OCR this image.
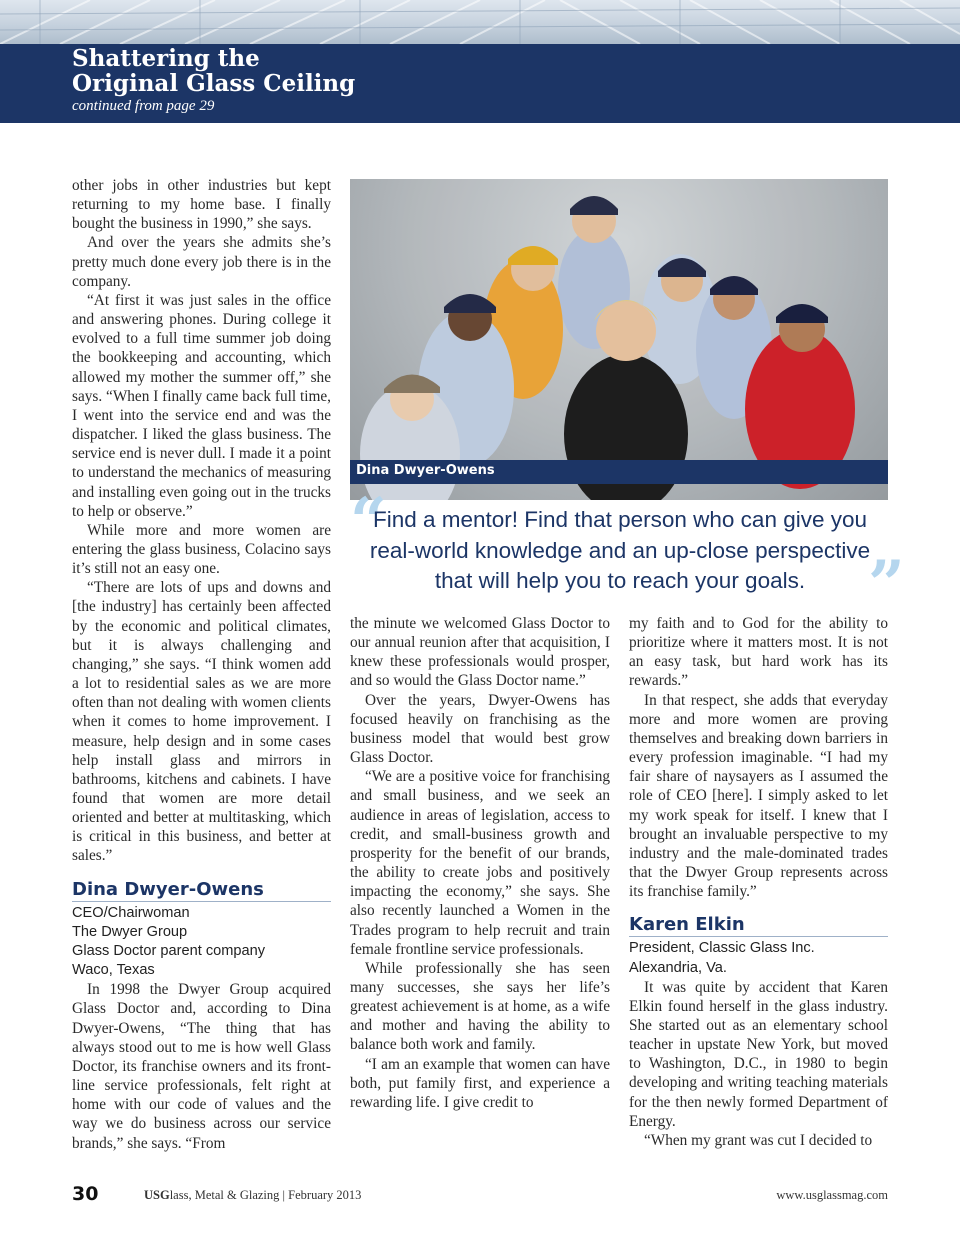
Shattering the
Original Glass Ceiling
continued from page 29

other jobs in other industries but kept returning to my home base. I finally bought the business in 1990,” she says.

And over the years she admits she’s pretty much done every job there is in the company.

“At first it was just sales in the office and answering phones. During college it evolved to a full time summer job doing the bookkeeping and accounting, which allowed my mother the summer off,” she says. “When I finally came back full time, I went into the service end and was the dispatcher. I liked the glass business. The service end is never dull. I made it a point to understand the mechanics of measuring and installing even going out in the trucks to help or observe.”

While more and more women are entering the glass business, Colacino says it’s still not an easy one.

“There are lots of ups and downs and [the industry] has certainly been affected by the economic and political climates, but it is always challenging and changing,” she says. “I think women add a lot to residential sales as we are more often than not dealing with women clients when it comes to home improvement. I measure, help design and in some cases help install glass and mirrors in bathrooms, kitchens and cabinets. I have found that women are more detail oriented and better at multitasking, which is critical in this business, and better at sales.”

Dina Dwyer-Owens
CEO/Chairwoman
The Dwyer Group
Glass Doctor parent company
Waco, Texas

In 1998 the Dwyer Group acquired Glass Doctor and, according to Dina Dwyer-Owens, “The thing that has always stood out to me is how well Glass Doctor, its franchise owners and its front-line service professionals, felt right at home with our code of values and the way we do business across our service brands,” she says. “From

Dina Dwyer-Owens
“
”
Find a mentor! Find that person who can give you real-world knowledge and an up-close perspective that will help you to reach your goals.

the minute we welcomed Glass Doctor to our annual reunion after that acquisition, I knew these professionals would prosper, and so would the Glass Doctor name.”

Over the years, Dwyer-Owens has focused heavily on franchising as the business model that would best grow Glass Doctor.

“We are a positive voice for franchising and small business, and we seek an audience in areas of legislation, access to credit, and small-business growth and prosperity for the benefit of our brands, the ability to create jobs and positively impacting the economy,” she says. She also recently launched a Women in the Trades program to help recruit and train female frontline service professionals.

While professionally she has seen many successes, she says her life’s greatest achievement is at home, as a wife and mother and having the ability to balance both work and family.

“I am an example that women can have both, put family first, and experience a rewarding life. I give credit to

my faith and to God for the ability to prioritize where it matters most. It is not an easy task, but hard work has its rewards.”

In that respect, she adds that everyday more and more women are proving themselves and breaking down barriers in every profession imaginable. “I had my fair share of naysayers as I assumed the role of CEO [here]. I simply asked to let my work speak for itself. I knew that I brought an invaluable perspective to my industry and the male-dominated trades that the Dwyer Group represents across its franchise family.”

Karen Elkin
President, Classic Glass Inc.
Alexandria, Va.

It was quite by accident that Karen Elkin found herself in the glass industry. She started out as an elementary school teacher in upstate New York, but moved to Washington, D.C., in 1980 to begin developing and writing teaching materials for the then newly formed Department of Energy.

“When my grant was cut I decided to

30	USGlass, Metal & Glazing | February 2013	www.usglassmag.com
